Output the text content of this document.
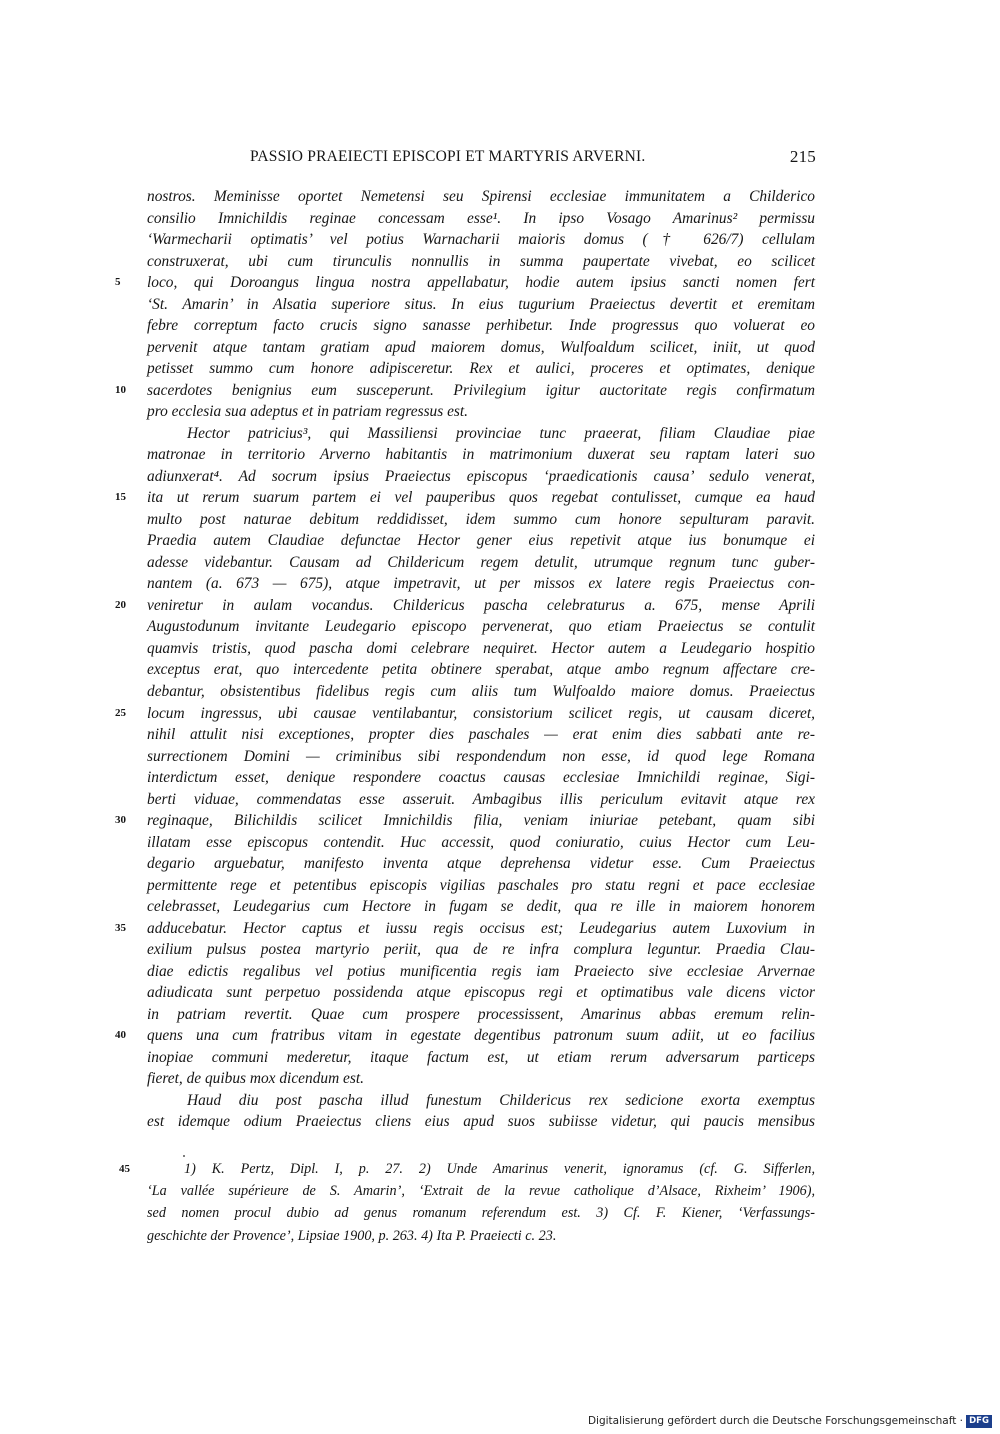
PASSIO PRAEIECTI EPISCOPI ET MARTYRIS ARVERNI.	215
nostros. Meminisse oportet Nemetensi seu Spirensi ecclesiae immunitatem a Childerico
consilio Imnichildis reginae concessam esse¹. In ipso Vosago Amarinus² permissu
‘Warmecharii optimatis’ vel potius Warnacharii maioris domus († 626/7) cellulam
construxerat, ubi cum tirunculis nonnullis in summa paupertate vivebat, eo scilicet
loco, qui Doroangus lingua nostra appellabatur, hodie autem ipsius sancti nomen fert
‘St. Amarin’ in Alsatia superiore situs. In eius tugurium Praeiectus devertit et eremitam
febre correptum facto crucis signo sanasse perhibetur. Inde progressus quo voluerat eo
pervenit atque tantam gratiam apud maiorem domus, Wulfoaldum scilicet, iniit, ut quod
petisset summo cum honore adipisceretur. Rex et aulici, proceres et optimates, denique
sacerdotes benignius eum susceperunt. Privilegium igitur auctoritate regis confirmatum
pro ecclesia sua adeptus et in patriam regressus est.
Hector patricius³, qui Massiliensi provinciae tunc praeerat, filiam Claudiae piae
matronae in territorio Arverno habitantis in matrimonium duxerat seu raptam lateri suo
adiunxerat⁴. Ad socrum ipsius Praeiectus episcopus ‘praedicationis causa’ sedulo venerat,
ita ut rerum suarum partem ei vel pauperibus quos regebat contulisset, cumque ea haud
multo post naturae debitum reddidisset, idem summo cum honore sepulturam paravit.
Praedia autem Claudiae defunctae Hector gener eius repetivit atque ius bonumque ei
adesse videbantur. Causam ad Childericum regem detulit, utrumque regnum tunc guber-
nantem (a. 673 — 675), atque impetravit, ut per missos ex latere regis Praeiectus con-
veniretur in aulam vocandus. Childericus pascha celebraturus a. 675, mense Aprili
Augustodunum invitante Leudegario episcopo pervenerat, quo etiam Praeiectus se contulit
quamvis tristis, quod pascha domi celebrare nequiret. Hector autem a Leudegario hospitio
exceptus erat, quo intercedente petita obtinere sperabat, atque ambo regnum affectare cre-
debantur, obsistentibus fidelibus regis cum aliis tum Wulfoaldo maiore domus. Praeiectus
locum ingressus, ubi causae ventilabantur, consistorium scilicet regis, ut causam diceret,
nihil attulit nisi exceptiones, propter dies paschales — erat enim dies sabbati ante re-
surrectionem Domini — criminibus sibi respondendum non esse, id quod lege Romana
interdictum esset, denique respondere coactus causas ecclesiae Imnichildi reginae, Sigi-
berti viduae, commendatas esse asseruit. Ambagibus illis periculum evitavit atque rex
reginaque, Bilichildis scilicet Imnichildis filia, veniam iniuriae petebant, quam sibi
illatam esse episcopus contendit. Huc accessit, quod coniuratio, cuius Hector cum Leu-
degario arguebatur, manifesto inventa atque deprehensa videtur esse. Cum Praeiectus
permittente rege et petentibus episcopis vigilias paschales pro statu regni et pace ecclesiae
celebrasset, Leudegarius cum Hectore in fugam se dedit, qua re ille in maiorem honorem
adducebatur. Hector captus et iussu regis occisus est; Leudegarius autem Luxovium in
exilium pulsus postea martyrio periit, qua de re infra complura leguntur. Praedia Clau-
diae edictis regalibus vel potius munificentia regis iam Praeiecto sive ecclesiae Arvernae
adiudicata sunt perpetuo possidenda atque episcopus regi et optimatibus vale dicens victor
in patriam revertit. Quae cum prospere processissent, Amarinus abbas eremum relin-
quens una cum fratribus vitam in egestate degentibus patronum suum adiit, ut eo facilius
inopiae communi mederetur, itaque factum est, ut etiam rerum adversarum particeps
fieret, de quibus mox dicendum est.
Haud diu post pascha illud funestum Childericus rex sedicione exorta exemptus
est idemque odium Praeiectus cliens eius apud suos subiisse videtur, qui paucis mensibus
5
10
15
20
25
30
35
40
1) K. Pertz, Dipl. I, p. 27. 2) Unde Amarinus venerit, ignoramus (cf. G. Sifferlen,
‘La vallée supérieure de S. Amarin’, ‘Extrait de la revue catholique d’Alsace, Rixheim’ 1906),
sed nomen procul dubio ad genus romanum referendum est. 3) Cf. F. Kiener, ‘Verfassungs-
geschichte der Provence’, Lipsiae 1900, p. 263. 4) Ita P. Praeiecti c. 23.
45
Digitalisierung gefördert durch die Deutsche Forschungsgemeinschaft · DFG
